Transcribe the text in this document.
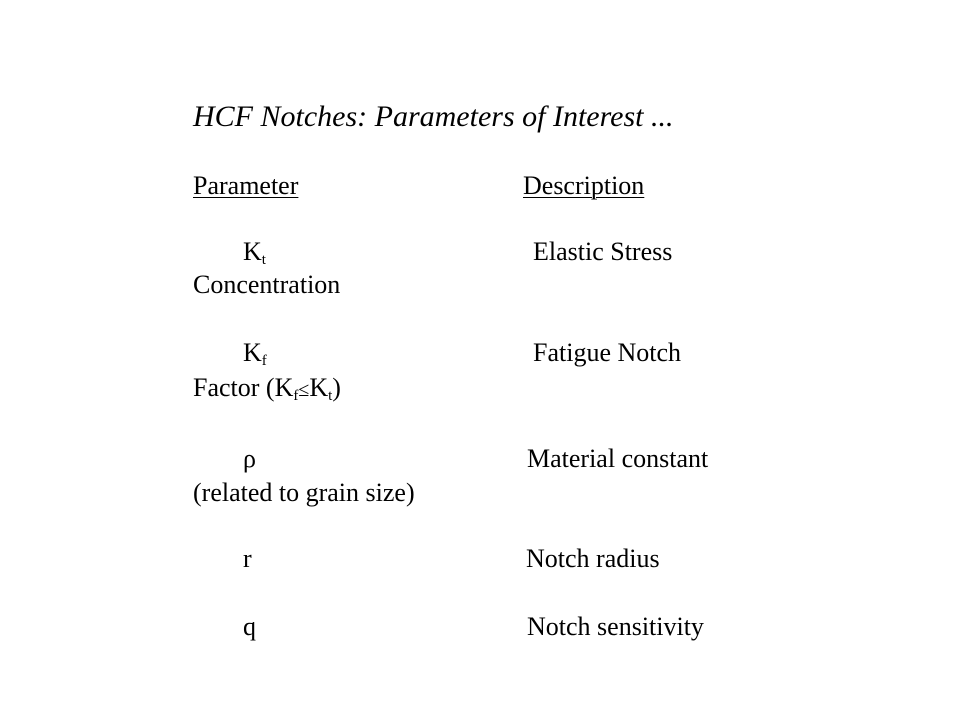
HCF Notches: Parameters of Interest ...
Parameter	Description
$K_t$	Elastic Stress
Concentration
$K_f$	Fatigue Notch
Factor $(K_f\le K_t)$
ρ	Material constant
(related to grain size)
r	Notch radius
q	Notch sensitivity
